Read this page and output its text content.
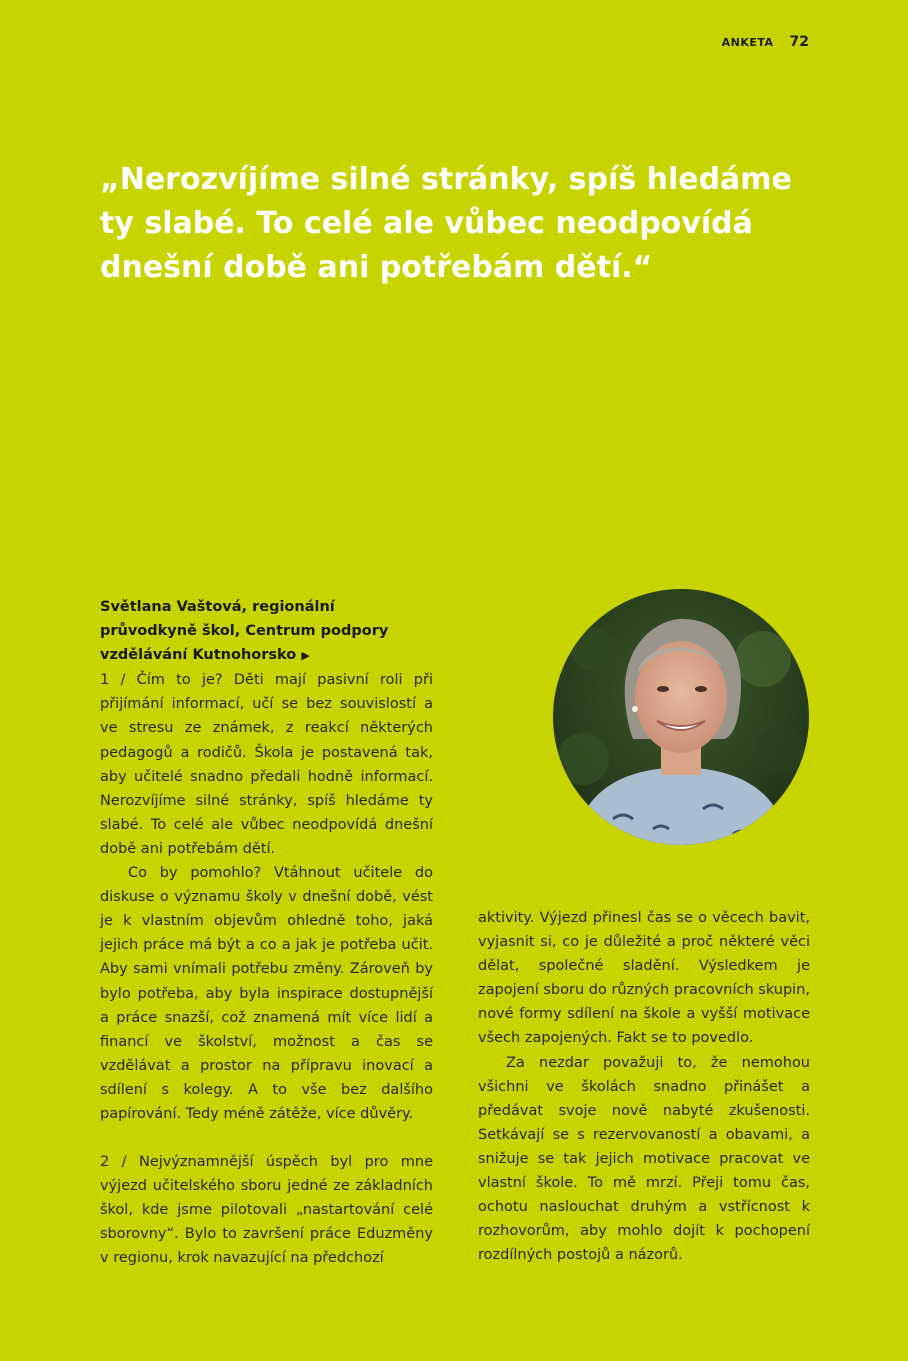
ANKETA 72

„Nerozvíjíme silné stránky, spíš hledáme ty slabé. To celé ale vůbec neodpovídá dnešní době ani potřebám dětí.“

Světlana Vaštová, regionální průvodkyně škol, Centrum podpory vzdělávání Kutnohorsko ▶

1 / Čím to je? Děti mají pasivní roli při přijímání informací, učí se bez souvislostí a ve stresu ze známek, z reakcí některých pedagogů a rodičů. Škola je postavená tak, aby učitelé snadno předali hodně informací. Nerozvíjíme silné stránky, spíš hledáme ty slabé. To celé ale vůbec neodpovídá dnešní době ani potřebám dětí.

Co by pomohlo? Vtáhnout učitele do diskuse o významu školy v dnešní době, vést je k vlastním objevům ohledně toho, jaká jejich práce má být a co a jak je potřeba učit. Aby sami vnímali potřebu změny. Zároveň by bylo potřeba, aby byla inspirace dostupnější a práce snazší, což znamená mít více lidí a financí ve školství, možnost a čas se vzdělávat a prostor na přípravu inovací a sdílení s kolegy. A to vše bez dalšího papírování. Tedy méně zátěže, více důvěry.

2 / Nejvýznamnější úspěch byl pro mne výjezd učitelského sboru jedné ze základních škol, kde jsme pilotovali „nastartování celé sborovny“. Bylo to završení práce Eduzměny v regionu, krok navazující na předchozí

aktivity. Výjezd přinesl čas se o věcech bavit, vyjasnit si, co je důležité a proč některé věci dělat, společné sladění. Výsledkem je zapojení sboru do různých pracovních skupin, nové formy sdílení na škole a vyšší motivace všech zapojených. Fakt se to povedlo.

Za nezdar považuji to, že nemohou všichni ve školách snadno přinášet a předávat svoje nově nabyté zkušenosti. Setkávají se s rezervovaností a obavami, a snižuje se tak jejich motivace pracovat ve vlastní škole. To mě mrzí. Přeji tomu čas, ochotu naslouchat druhým a vstřícnost k rozhovorům, aby mohlo dojít k pochopení rozdílných postojů a názorů.
